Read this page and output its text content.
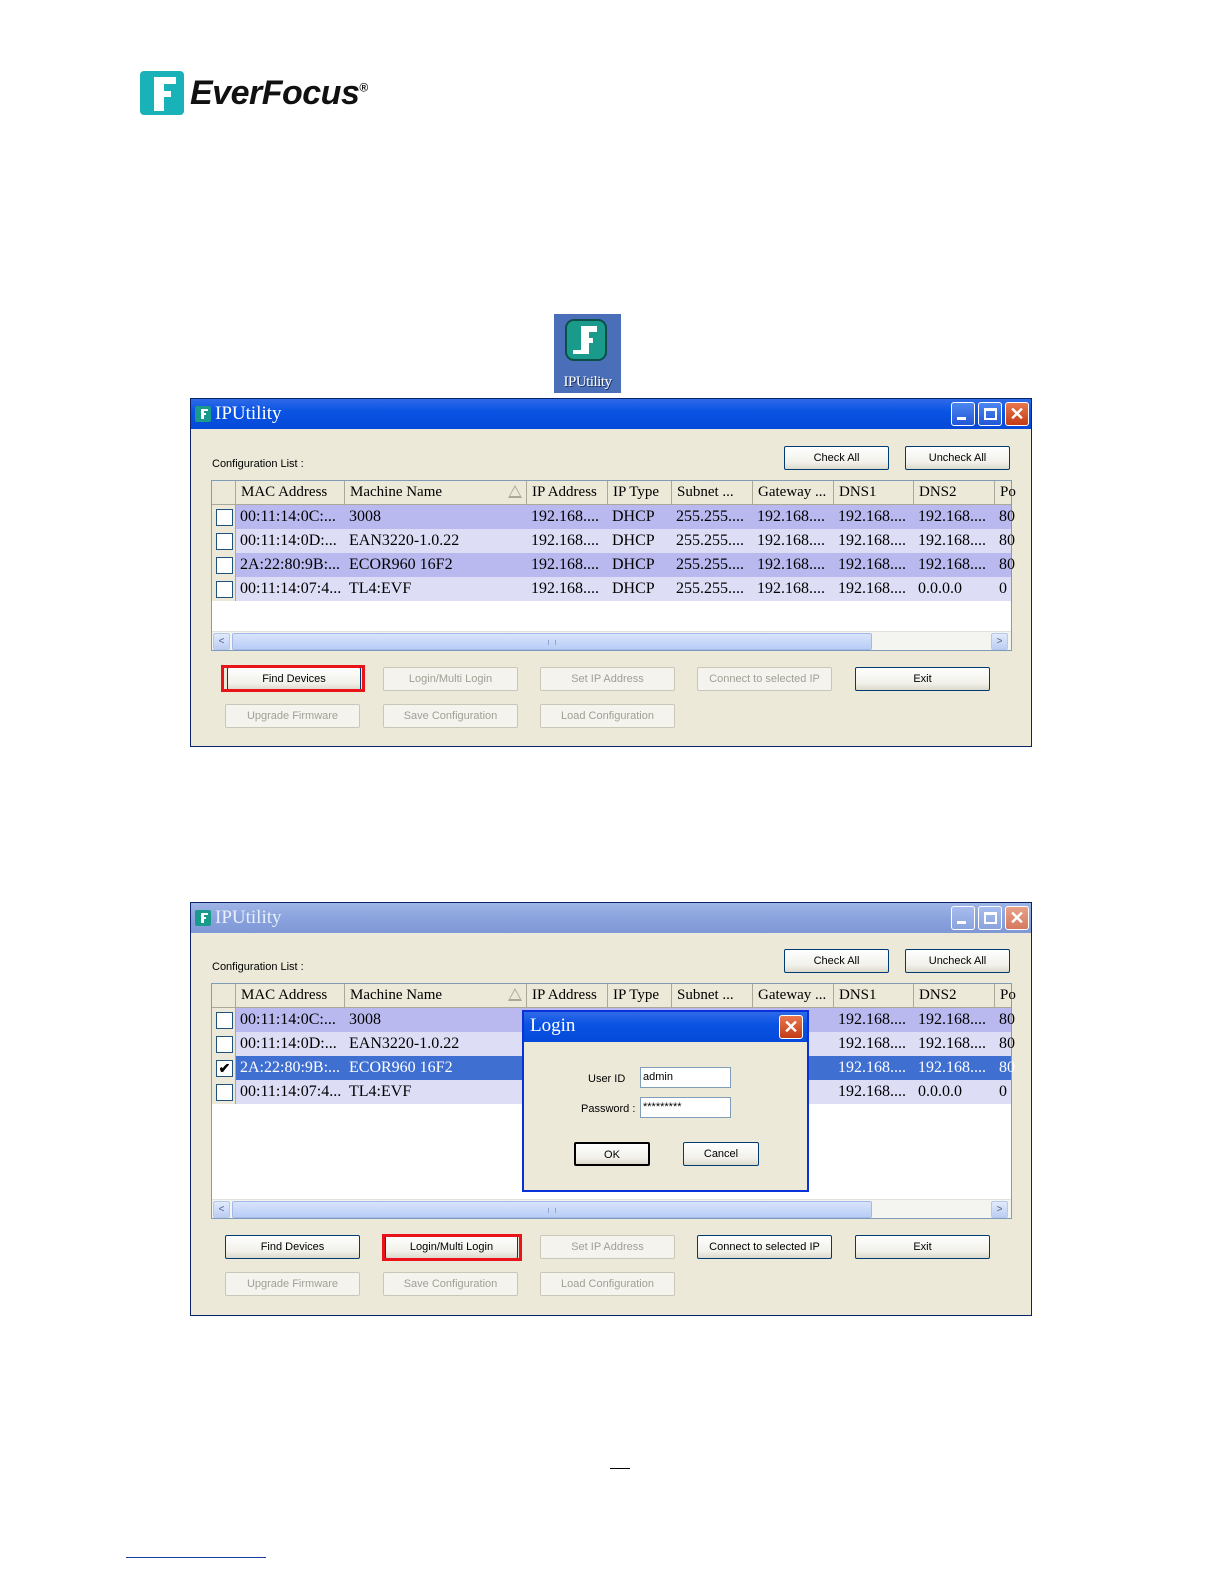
EverFocus®
IPUtility
IPUtility	✕
Configuration List :	Check All	Uncheck All
MAC Address	Machine Name	IP Address	IP Type	Subnet ...	Gateway ... DNS1	DNS2	Po
00:11:14:0C:... 3008	192.168.... DHCP	255.255.... 192.168.... 192.168.... 192.168.... 80
00:11:14:0D:... EAN3220-1.0.22	192.168.... DHCP	255.255.... 192.168.... 192.168.... 192.168.... 80
2A:22:80:9B:... ECOR960 16F2	192.168.... DHCP	255.255.... 192.168.... 192.168.... 192.168.... 80
00:11:14:07:4... TL4:EVF	192.168.... DHCP	255.255.... 192.168.... 192.168.... 0.0.0.0	0
<	>
Find Devices	Login/Multi Login	Set IP Address	Connect to selected IP	Exit
Upgrade Firmware	Save Configuration	Load Configuration
IPUtility	✕
Configuration List :	Check All	Uncheck All
MAC Address	Machine Name	IP Address	IP Type	Subnet ...	Gateway ... DNS1	DNS2	Po
00:11:14:0C:... 3008	192.168.... 192.168.... 80
00:11:14:0D:... EAN3220-1.0.22	192.168.... 192.168.... 80
✔ 2A:22:80:9B:... ECOR960 16F2	192.168.... 192.168.... 80
00:11:14:07:4... TL4:EVF	192.168.... 0.0.0.0	0
<	>
Find Devices	Login/Multi Login	Set IP Address	Connect to selected IP	Exit
Upgrade Firmware	Save Configuration	Load Configuration
Login	✕
User ID admin
Password : *********
OK	Cancel
